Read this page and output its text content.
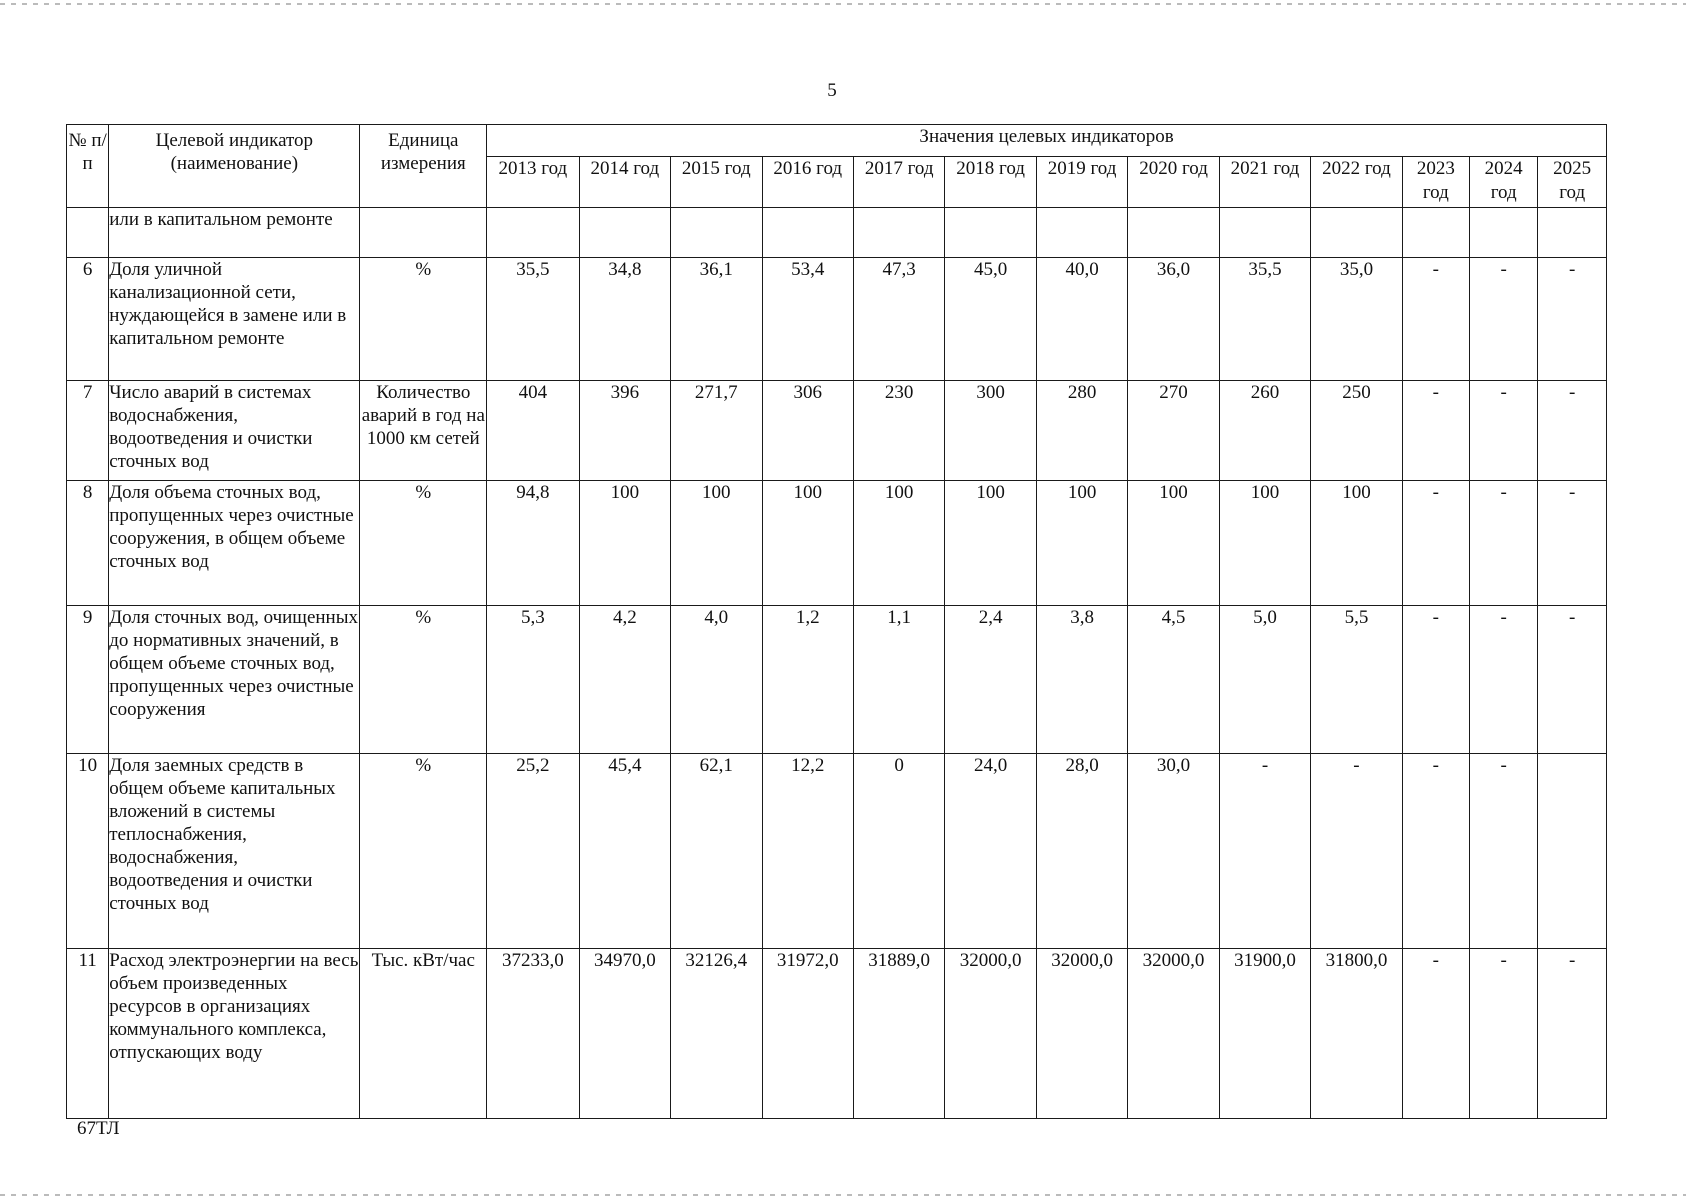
5
№ п/п	Целевой индикатор (наименование)	Единица измерения	Значения целевых индикаторов												
			2013 год	2014 год	2015 год	2016 год	2017 год	2018 год	2019 год	2020 год	2021 год	2022 год	2023 год	2024 год	2025 год
	или в капитальном ремонте														
6	Доля уличной канализационной сети, нуждающейся в замене или в капитальном ремонте	%	35,5	34,8	36,1	53,4	47,3	45,0	40,0	36,0	35,5	35,0	-	-	-
7	Число аварий в системах водоснабжения, водоотведения и очистки сточных вод	Количество аварий в год на 1000 км сетей	404	396	271,7	306	230	300	280	270	260	250	-	-	-
8	Доля объема сточных вод, пропущенных через очистные сооружения, в общем объеме сточных вод	%	94,8	100	100	100	100	100	100	100	100	100	-	-	-
9	Доля сточных вод, очищенных до нормативных значений, в общем объеме сточных вод, пропущенных через очистные сооружения	%	5,3	4,2	4,0	1,2	1,1	2,4	3,8	4,5	5,0	5,5	-	-	-
10	Доля заемных средств в общем объеме капитальных вложений в системы теплоснабжения, водоснабжения, водоотведения и очистки сточных вод	%	25,2	45,4	62,1	12,2	0	24,0	28,0	30,0	-	-	-	-	
11	Расход электроэнергии на весь объем произведенных ресурсов в организациях коммунального комплекса, отпускающих воду	Тыс. кВт/час	37233,0	34970,0	32126,4	31972,0	31889,0	32000,0	32000,0	32000,0	31900,0	31800,0	-	-	-
67ТЛ
